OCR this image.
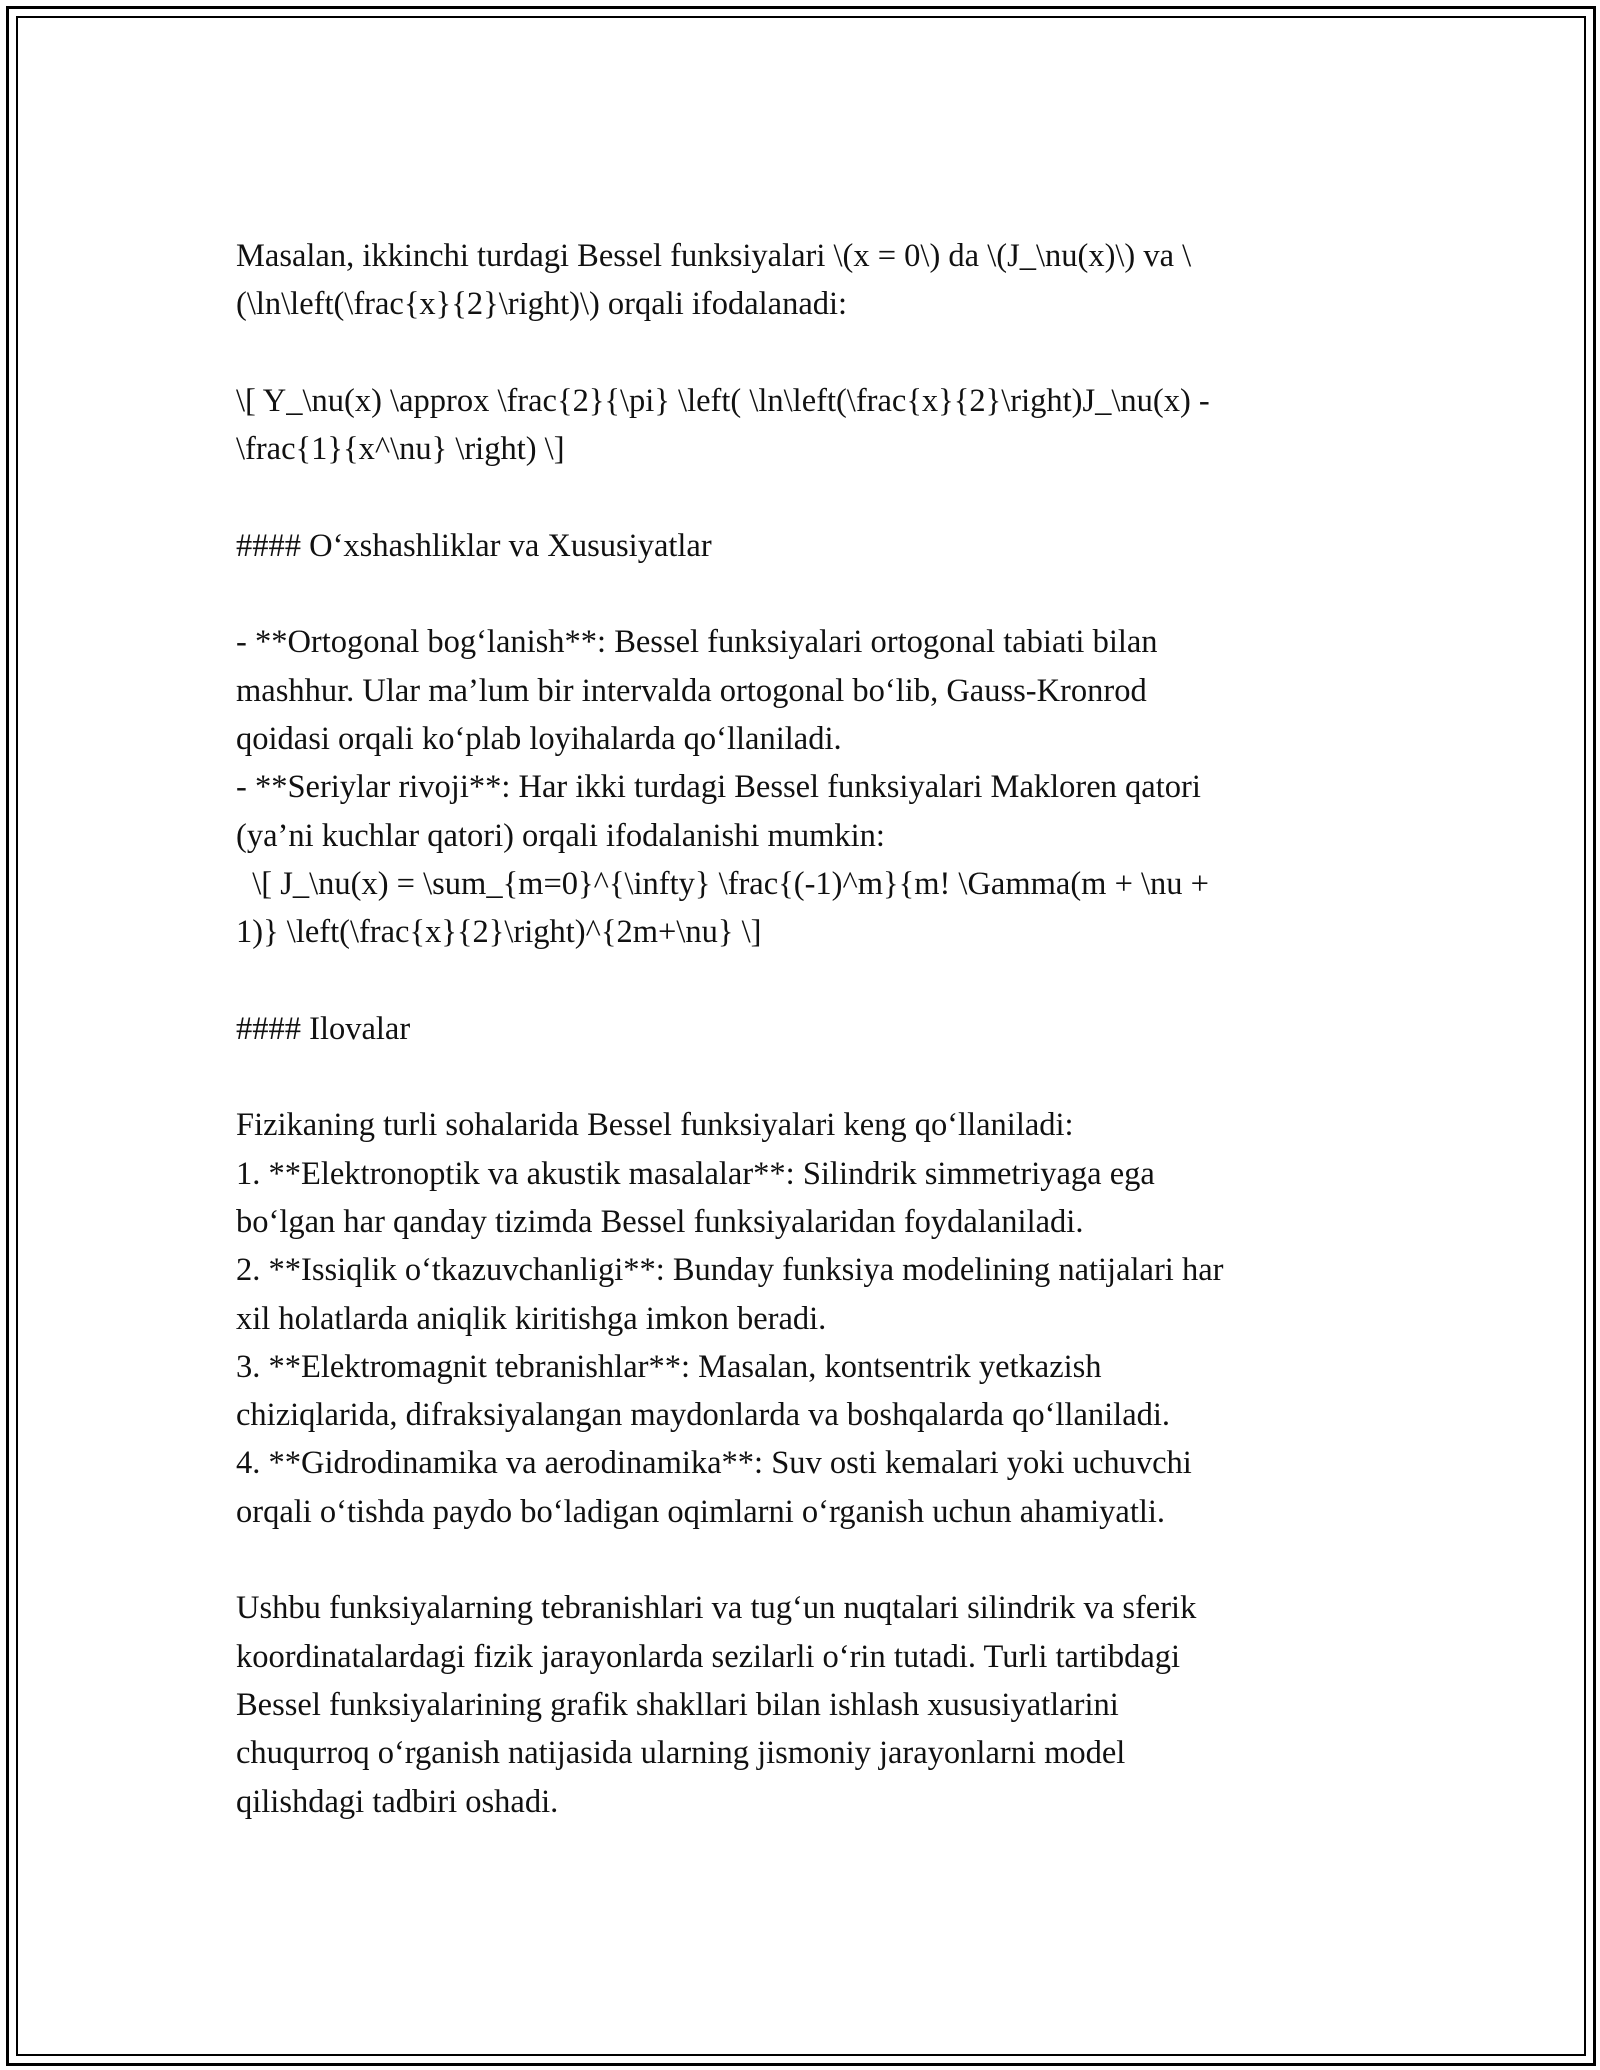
Masalan, ikkinchi turdagi Bessel funksiyalari \(x = 0\) da \(J_\nu(x)\) va \
(\ln\left(\frac{x}{2}\right)\) orqali ifodalanadi:
\[ Y_\nu(x) \approx \frac{2}{\pi} \left( \ln\left(\frac{x}{2}\right)J_\nu(x) -
\frac{1}{x^\nu} \right) \]
#### O‘xshashliklar va Xususiyatlar
- **Ortogonal bog‘lanish**: Bessel funksiyalari ortogonal tabiati bilan
mashhur. Ular ma’lum bir intervalda ortogonal bo‘lib, Gauss-Kronrod
qoidasi orqali ko‘plab loyihalarda qo‘llaniladi.
- **Seriylar rivoji**: Har ikki turdagi Bessel funksiyalari Makloren qatori
(ya’ni kuchlar qatori) orqali ifodalanishi mumkin:
\[ J_\nu(x) = \sum_{m=0}^{\infty} \frac{(-1)^m}{m! \Gamma(m + \nu +
1)} \left(\frac{x}{2}\right)^{2m+\nu} \]
#### Ilovalar
Fizikaning turli sohalarida Bessel funksiyalari keng qo‘llaniladi:
1. **Elektronoptik va akustik masalalar**: Silindrik simmetriyaga ega
bo‘lgan har qanday tizimda Bessel funksiyalaridan foydalaniladi.
2. **Issiqlik o‘tkazuvchanligi**: Bunday funksiya modelining natijalari har
xil holatlarda aniqlik kiritishga imkon beradi.
3. **Elektromagnit tebranishlar**: Masalan, kontsentrik yetkazish
chiziqlarida, difraksiyalangan maydonlarda va boshqalarda qo‘llaniladi.
4. **Gidrodinamika va aerodinamika**: Suv osti kemalari yoki uchuvchi
orqali o‘tishda paydo bo‘ladigan oqimlarni o‘rganish uchun ahamiyatli.
Ushbu funksiyalarning tebranishlari va tug‘un nuqtalari silindrik va sferik
koordinatalardagi fizik jarayonlarda sezilarli o‘rin tutadi. Turli tartibdagi
Bessel funksiyalarining grafik shakllari bilan ishlash xususiyatlarini
chuqurroq o‘rganish natijasida ularning jismoniy jarayonlarni model
qilishdagi tadbiri oshadi.
